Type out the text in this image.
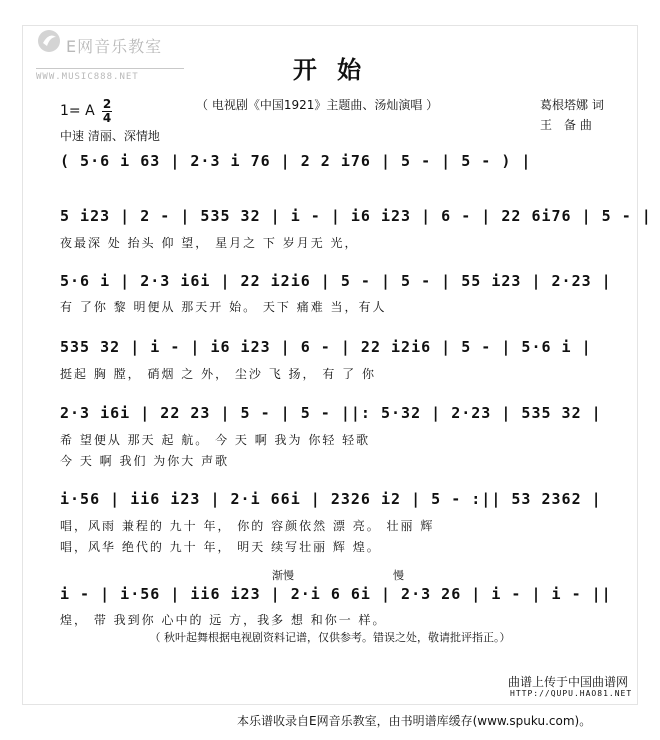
E网音乐教室
WWW.MUSIC888.NET	开 始
（ 电视剧《中国1921》主题曲、汤灿演唱 ）	葛根塔娜 词
王　备 曲
1= A 2
4
中速 清丽、深情地
( 5·6 i 63 | 2·3 i 76 | 2 2 i76 | 5 - | 5 - ) |
5 i23 | 2 - | 535 32 | i - | i6 i23 | 6 - | 22 6i76 | 5 - |
夜最深 处 抬头 仰 望， 星月之 下 岁月无 光，
5·6 i | 2·3 i6i | 22 i2i6 | 5 - | 5 - | 55 i23 | 2·23 |
有 了你 黎 明便从 那天开 始。 天下 痛难 当，有人
535 32 | i - | i6 i23 | 6 - | 22 i2i6 | 5 - | 5·6 i |
挺起 胸 膛， 硝烟 之 外， 尘沙 飞 扬， 有 了 你
2·3 i6i | 22 23 | 5 - | 5 - ||: 5·32 | 2·23 | 535 32 |
希 望便从 那天 起 航。 今 天 啊 我为 你轻 轻歌
今 天 啊 我们 为你大 声歌
i·56 | ii6 i23 | 2·i 66i | 2326 i2 | 5 - :|| 53 2362 |
唱，风雨 兼程的 九十 年， 你的 容颜依然 漂 亮。 壮丽 辉
唱，风华 绝代的 九十 年， 明天 续写壮丽 辉 煌。
渐慢	慢
i - | i·56 | ii6 i23 | 2·i 6 6i | 2·3 26 | i - | i - ||
煌， 带 我到你 心中的 远 方，我多 想 和你一 样。
（ 秋叶起舞根据电视剧资料记谱，仅供参考。错误之处，敬请批评指正。）
曲谱上传于中国曲谱网
HTTP://QUPU.HAO81.NET
本乐谱收录自E网音乐教室，由书明谱库缓存(www.spuku.com)。
